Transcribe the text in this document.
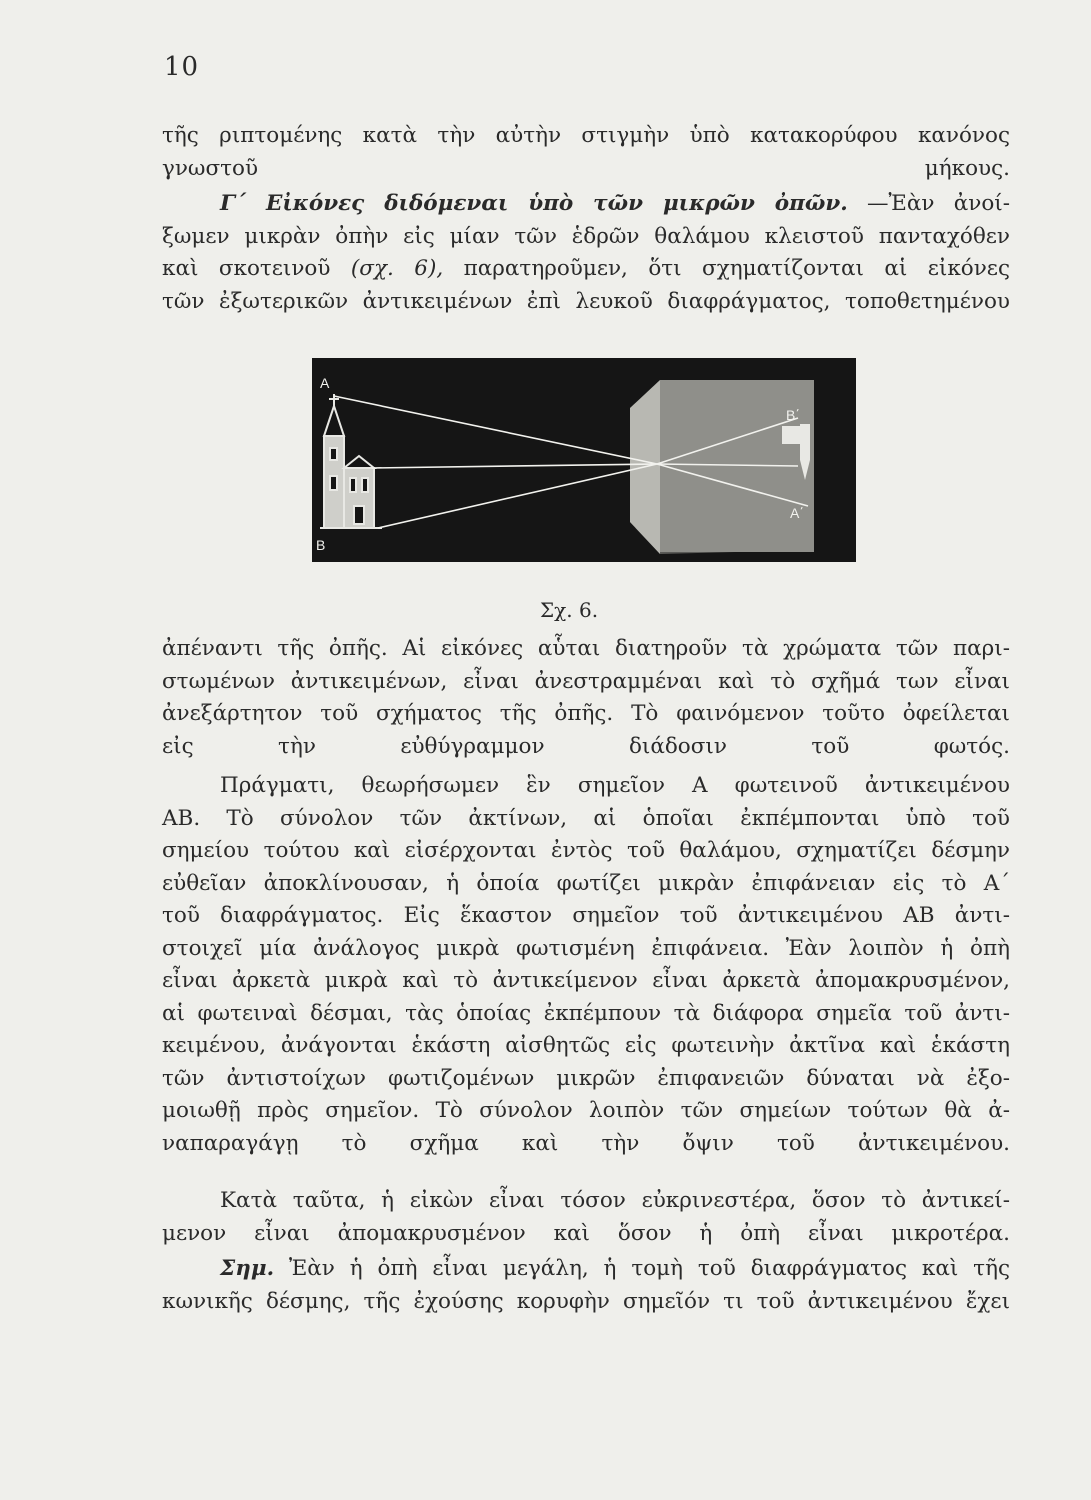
10
τῆς ριπτομένης κατὰ τὴν αὐτὴν στιγμὴν ὑπὸ κατακορύφου κανόνος
γνωστοῦ μήκους.
Γ΄ Εἰκόνες διδόμεναι ὑπὸ τῶν μικρῶν ὀπῶν. —Ἐὰν ἀνοί-
ξωμεν μικρὰν ὀπὴν εἰς μίαν τῶν ἑδρῶν θαλάμου κλειστοῦ πανταχόθεν
καὶ σκοτεινοῦ (σχ. 6), παρατηροῦμεν, ὅτι σχηματίζονται αἱ εἰκόνες
τῶν ἐξωτερικῶν ἀντικειμένων ἐπὶ λευκοῦ διαφράγματος, τοποθετημένου
Α
Β
Β΄
Α΄
Σχ. 6.
ἀπέναντι τῆς ὀπῆς. Αἱ εἰκόνες αὗται διατηροῦν τὰ χρώματα τῶν παρι-
στωμένων ἀντικειμένων, εἶναι ἀνεστραμμέναι καὶ τὸ σχῆμά των εἶναι
ἀνεξάρτητον τοῦ σχήματος τῆς ὀπῆς. Τὸ φαινόμενον τοῦτο ὀφείλεται
εἰς τὴν εὐθύγραμμον διάδοσιν τοῦ φωτός.
Πράγματι, θεωρήσωμεν ἓν σημεῖον Α φωτεινοῦ ἀντικειμένου
ΑΒ. Τὸ σύνολον τῶν ἀκτίνων, αἱ ὁποῖαι ἐκπέμπονται ὑπὸ τοῦ
σημείου τούτου καὶ εἰσέρχονται ἐντὸς τοῦ θαλάμου, σχηματίζει δέσμην
εὐθεῖαν ἀποκλίνουσαν, ἡ ὁποία φωτίζει μικρὰν ἐπιφάνειαν εἰς τὸ Α΄
τοῦ διαφράγματος. Εἰς ἕκαστον σημεῖον τοῦ ἀντικειμένου ΑΒ ἀντι-
στοιχεῖ μία ἀνάλογος μικρὰ φωτισμένη ἐπιφάνεια. Ἐὰν λοιπὸν ἡ ὀπὴ
εἶναι ἀρκετὰ μικρὰ καὶ τὸ ἀντικείμενον εἶναι ἀρκετὰ ἀπομακρυσμένον,
αἱ φωτειναὶ δέσμαι, τὰς ὁποίας ἐκπέμπουν τὰ διάφορα σημεῖα τοῦ ἀντι-
κειμένου, ἀνάγονται ἑκάστη αἰσθητῶς εἰς φωτεινὴν ἀκτῖνα καὶ ἑκάστη
τῶν ἀντιστοίχων φωτιζομένων μικρῶν ἐπιφανειῶν δύναται νὰ ἐξο-
μοιωθῇ πρὸς σημεῖον. Τὸ σύνολον λοιπὸν τῶν σημείων τούτων θὰ ἀ-
ναπαραγάγῃ τὸ σχῆμα καὶ τὴν ὄψιν τοῦ ἀντικειμένου.
Κατὰ ταῦτα, ἡ εἰκὼν εἶναι τόσον εὐκρινεστέρα, ὅσον τὸ ἀντικεί-
μενον εἶναι ἀπομακρυσμένον καὶ ὅσον ἡ ὀπὴ εἶναι μικροτέρα.
Σημ. Ἐὰν ἡ ὀπὴ εἶναι μεγάλη, ἡ τομὴ τοῦ διαφράγματος καὶ τῆς
κωνικῆς δέσμης, τῆς ἐχούσης κορυφὴν σημεῖόν τι τοῦ ἀντικειμένου ἔχει
